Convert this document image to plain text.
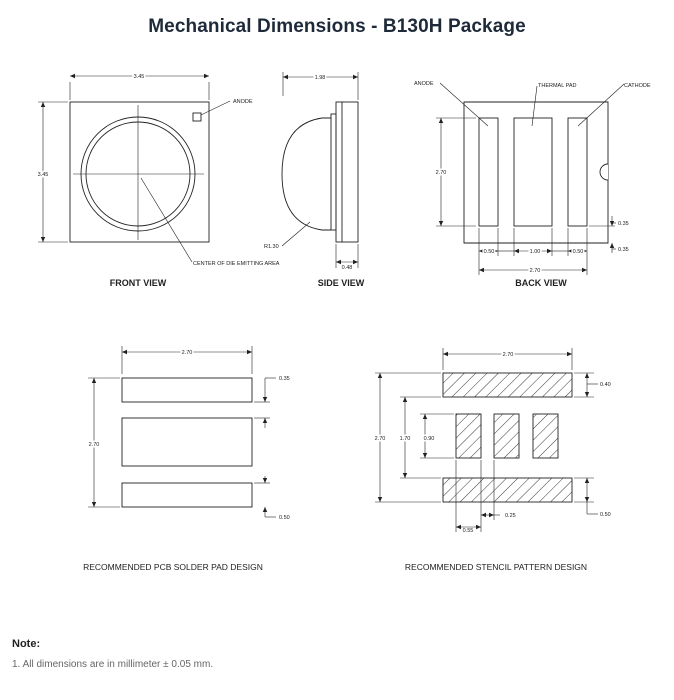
Mechanical Dimensions - B130H Package
3.45
3.45
ANODE
CENTER OF DIE EMITTING AREA
FRONT VIEW
1.98
R1.30
0.48
SIDE VIEW
ANODE	THERMAL PAD	CATHODE
2.70
0.50	1.00	0.50
2.70
0.35
0.35
BACK VIEW
2.70
2.70
0.35
0.50
RECOMMENDED PCB SOLDER PAD DESIGN
2.70
2.70	1.70 0.90
0.40
0.50
0.55
0.25
RECOMMENDED STENCIL PATTERN DESIGN
Note:
1. All dimensions are in millimeter ± 0.05 mm.
